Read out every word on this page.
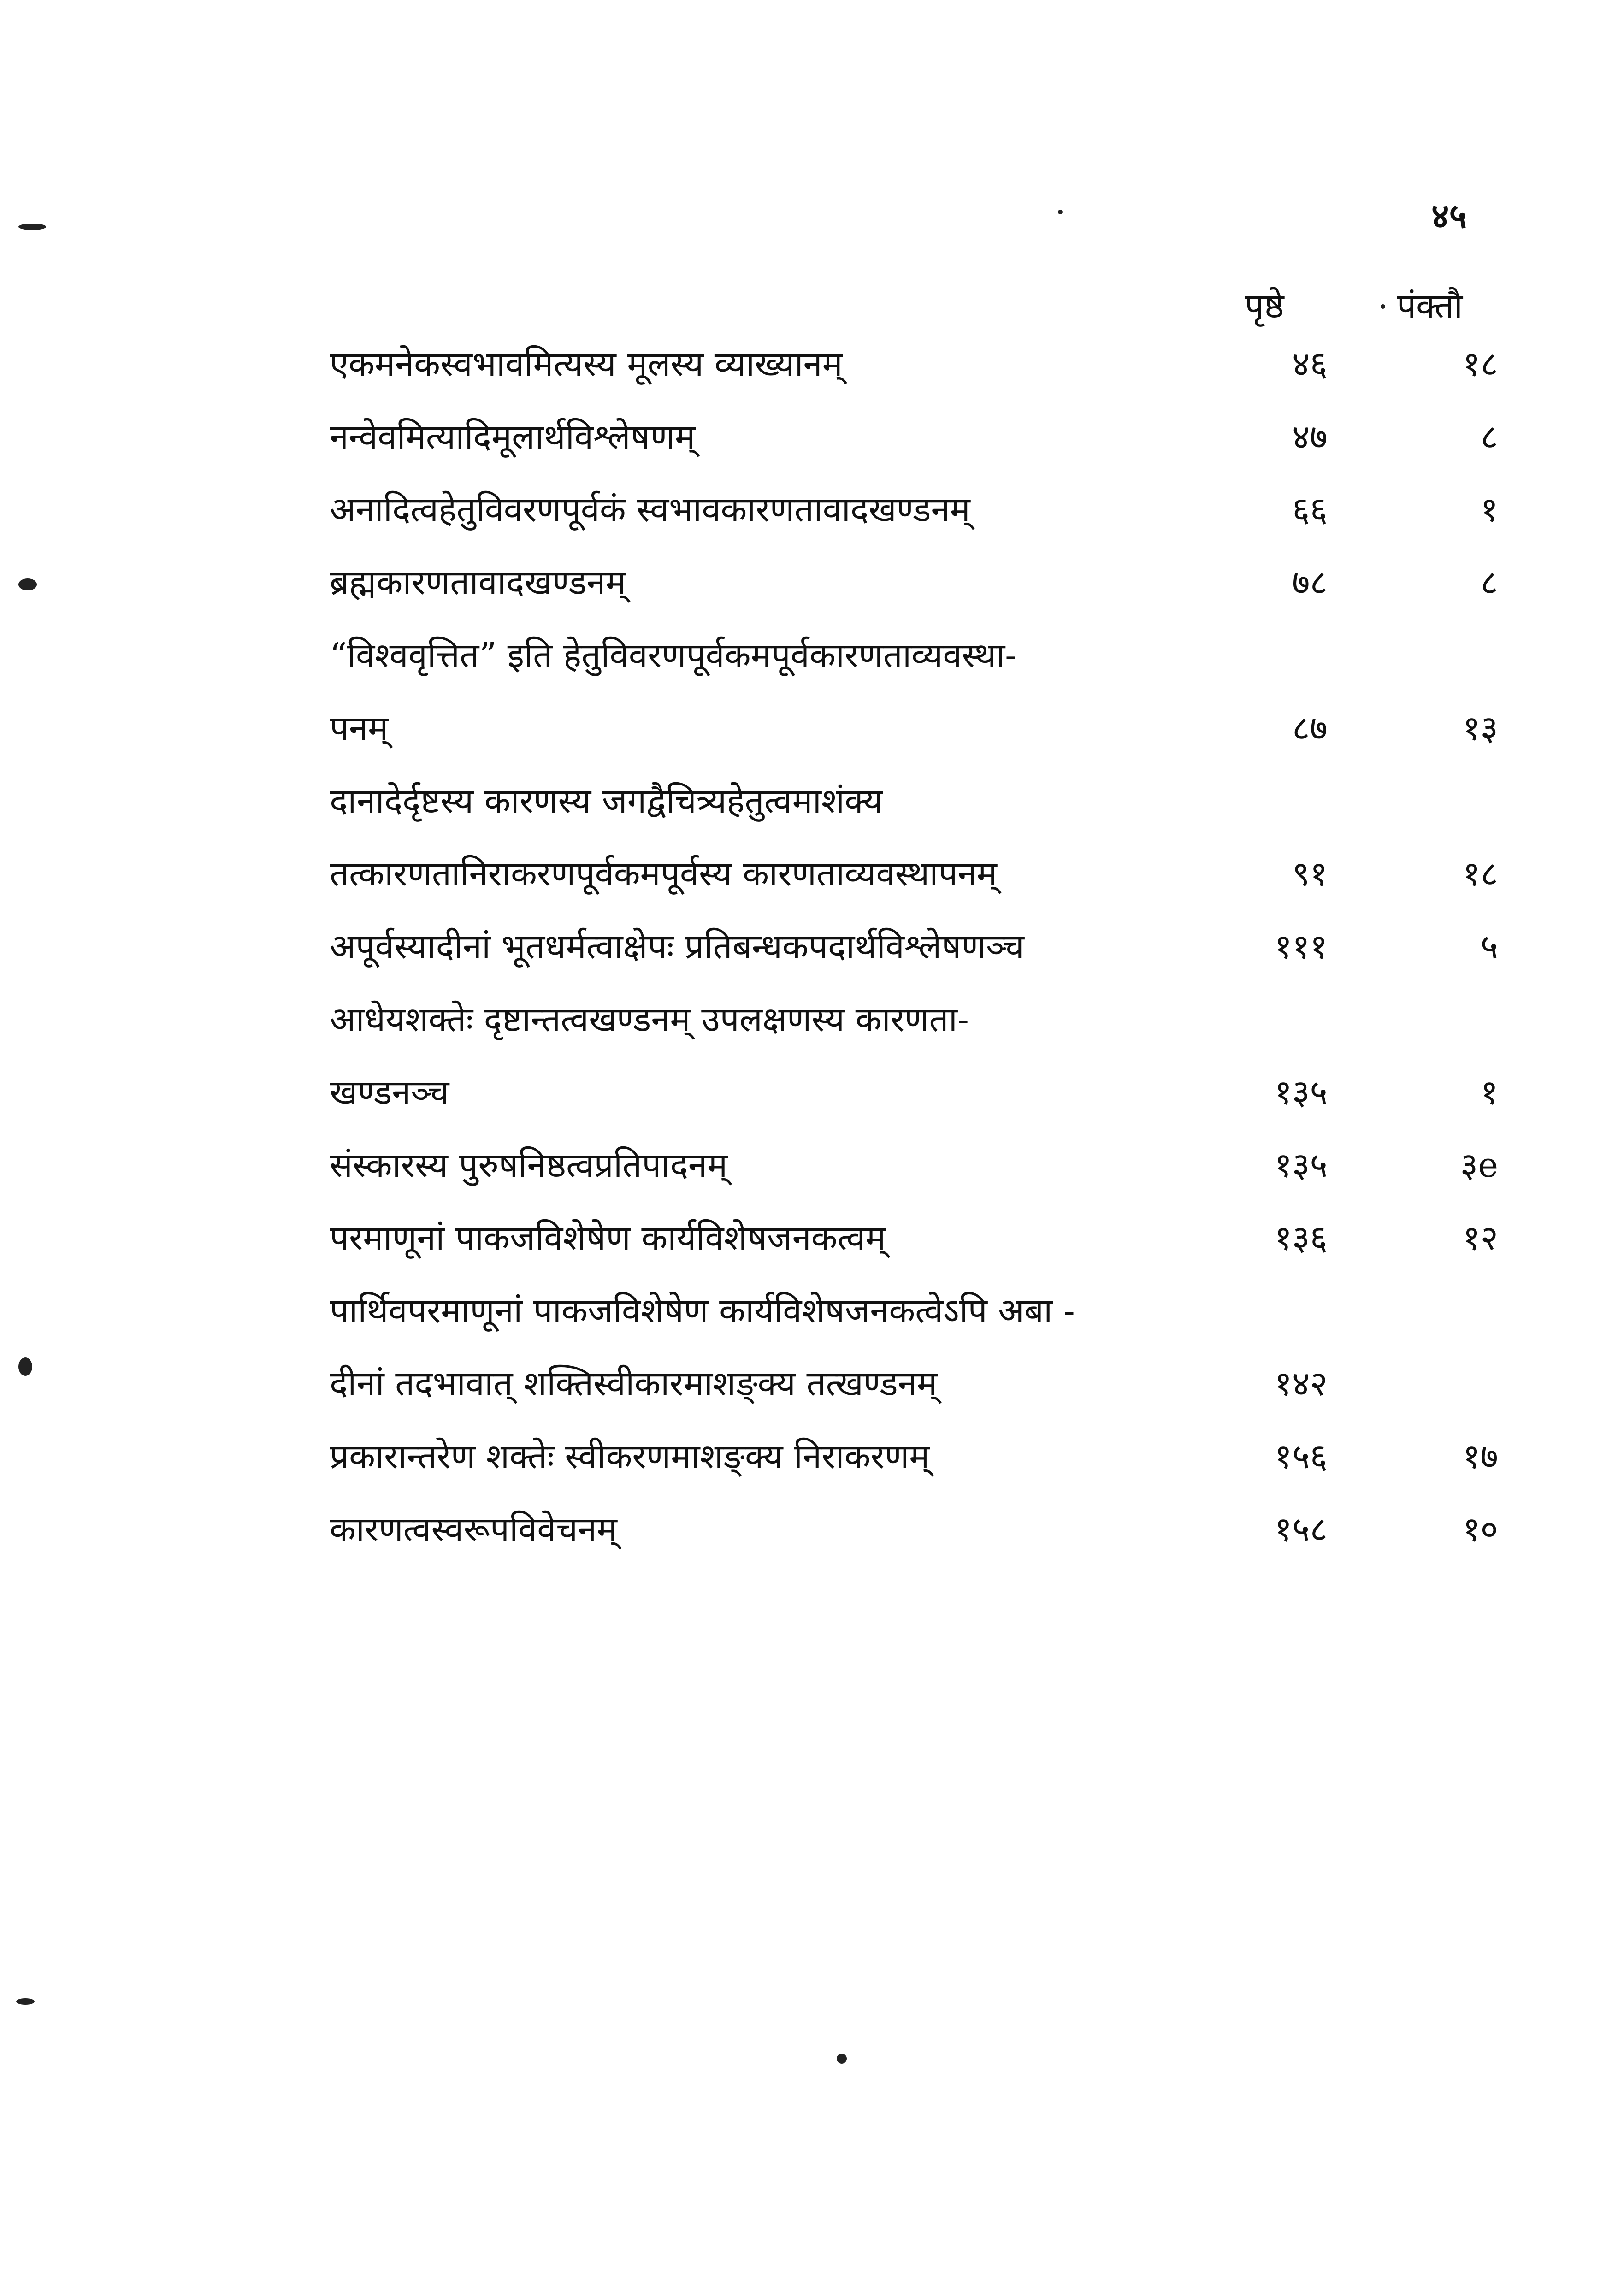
४५
पृष्ठे	पंक्तौ
एकमनेकस्वभावमित्यस्य मूलस्य व्याख्यानम्	४६	१८
नन्वेवमित्यादिमूलार्थविश्लेषणम्	४७	८
अनादित्वहेतुविवरणपूर्वकं स्वभावकारणतावादखण्डनम्	६६	१
ब्रह्मकारणतावादखण्डनम्	७८	८
“विश्ववृत्तित” इति हेतुविवरणपूर्वकमपूर्वकारणताव्यवस्था-
पनम्	८७	१३
दानादेर्दृष्टस्य कारणस्य जगद्वैचित्र्यहेतुत्वमाशंक्य
तत्कारणतानिराकरणपूर्वकमपूर्वस्य कारणताव्यवस्थापनम्	९१	१८
अपूर्वस्यादीनां भूतधर्मत्वाक्षेपः प्रतिबन्धकपदार्थविश्लेषणञ्च	१११	५
आधेयशक्तेः दृष्टान्तत्वखण्डनम् उपलक्षणस्य कारणता-
खण्डनञ्च	१३५	१
संस्कारस्य पुरुषनिष्ठत्वप्रतिपादनम्	१३५	३e
परमाणूनां पाकजविशेषेण कार्यविशेषजनकत्वम्	१३६	१२
पार्थिवपरमाणूनां पाकजविशेषेण कार्यविशेषजनकत्वेऽपि अबा -
दीनां तदभावात् शक्तिस्वीकारमाशङ्क्य तत्खण्डनम्	१४२
प्रकारान्तरेण शक्तेः स्वीकरणमाशङ्क्य निराकरणम्	१५६	१७
कारणत्वस्वरूपविवेचनम्	१५८	१०
